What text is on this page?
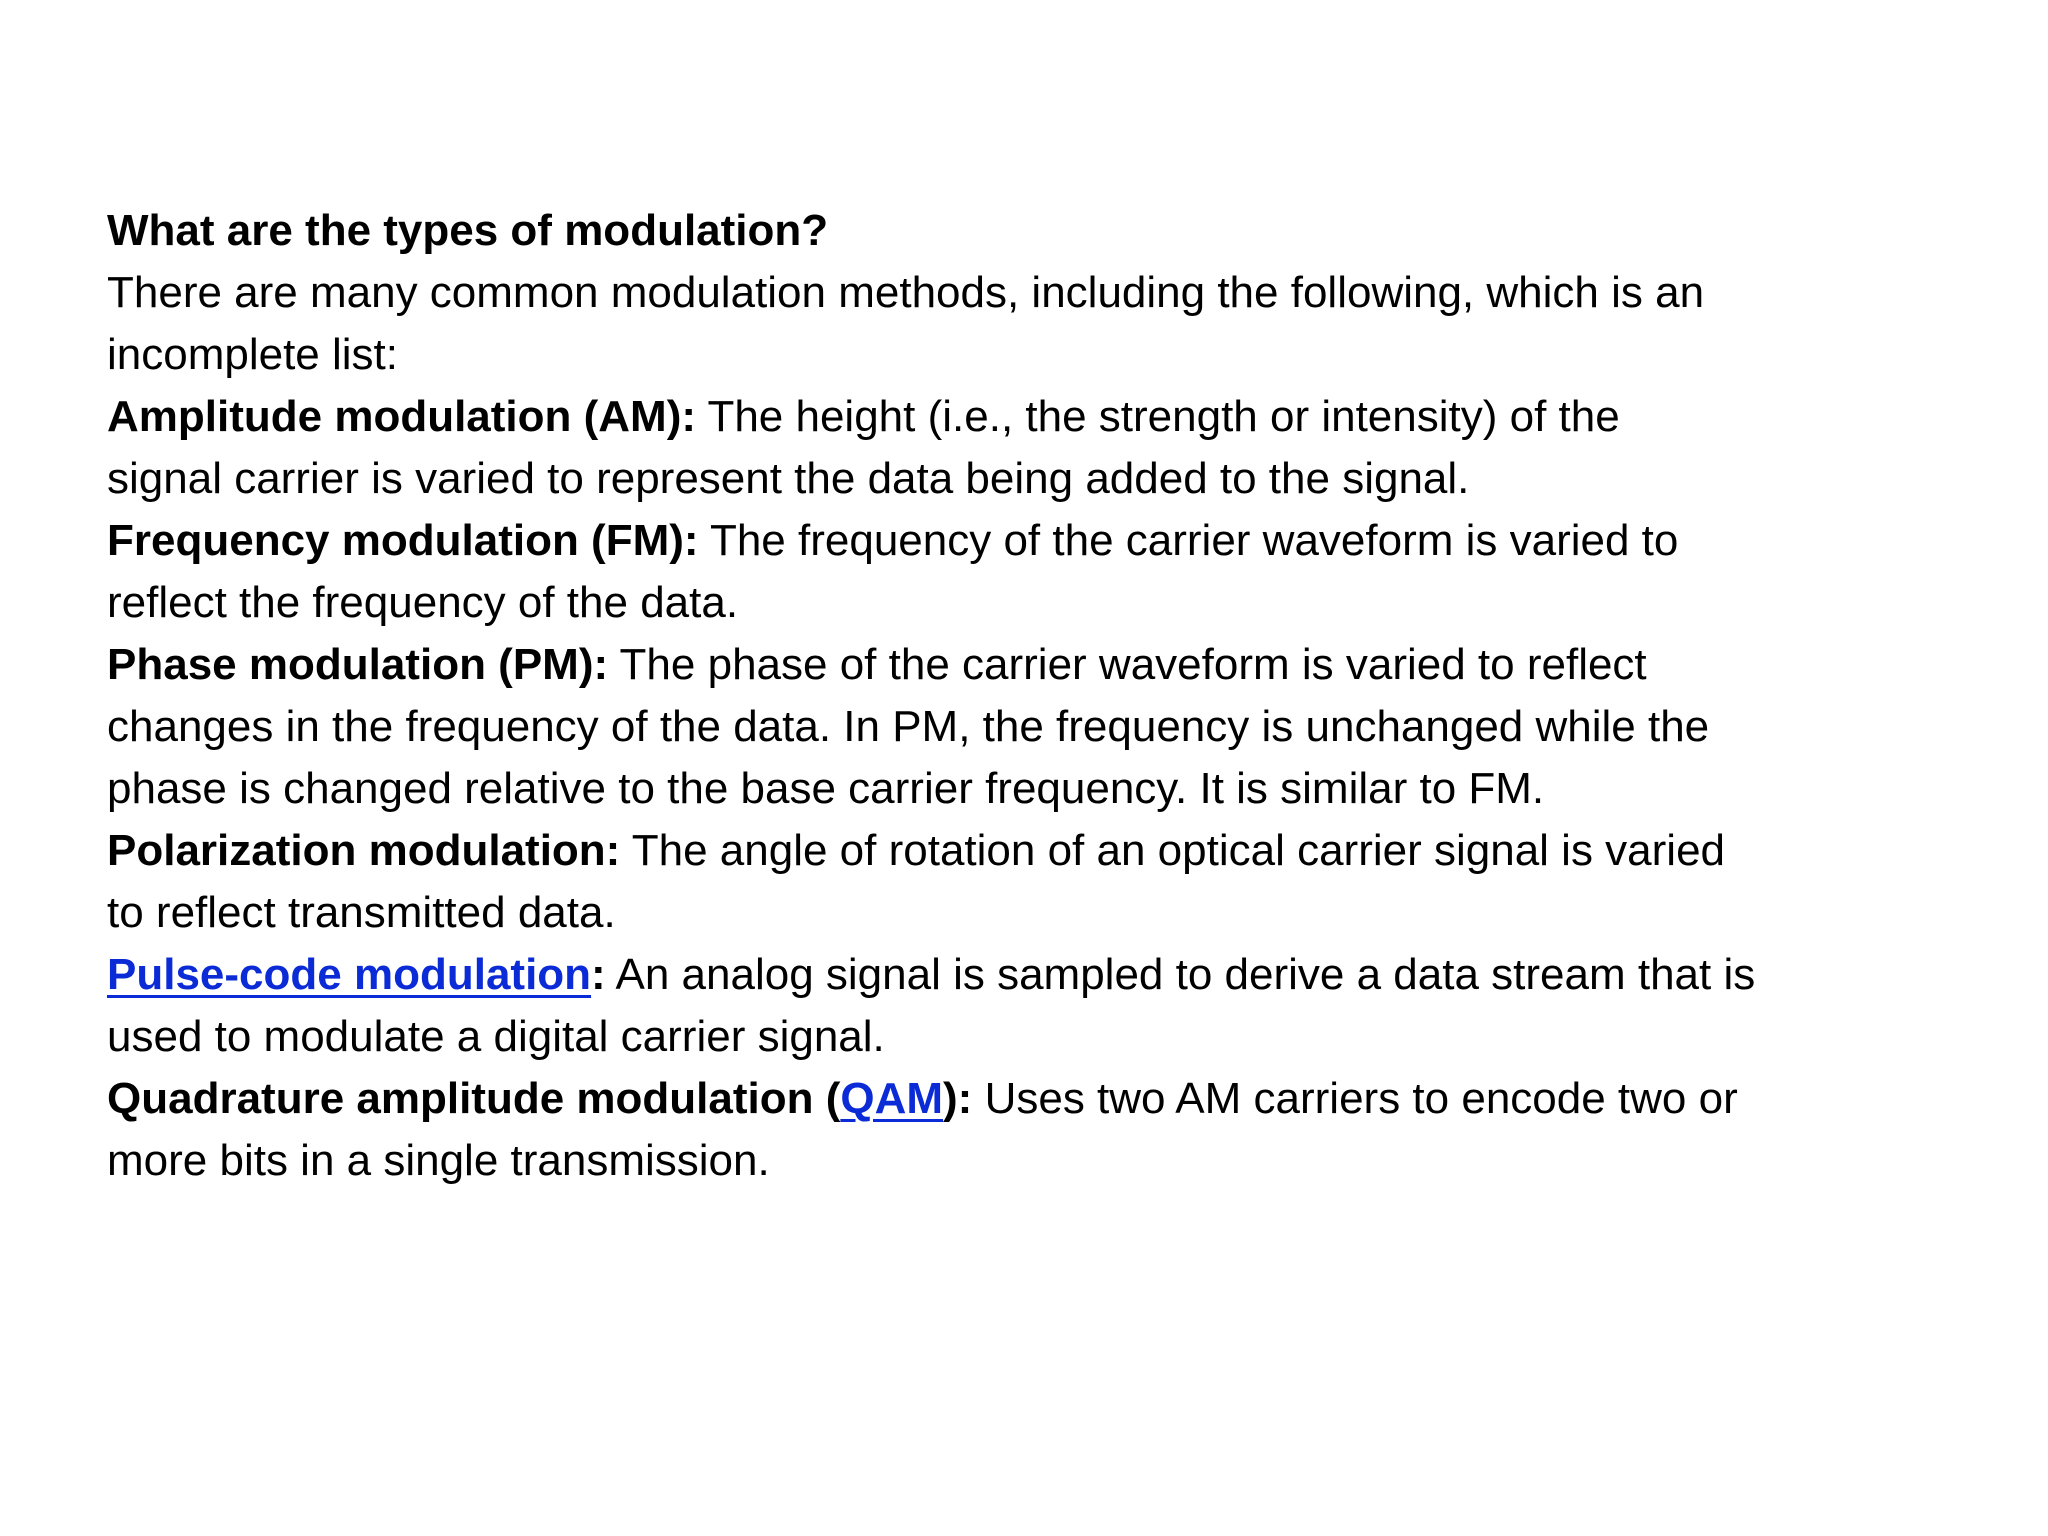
What are the types of modulation?
There are many common modulation methods, including the following, which is an
incomplete list:
Amplitude modulation (AM): The height (i.e., the strength or intensity) of the
signal carrier is varied to represent the data being added to the signal.
Frequency modulation (FM): The frequency of the carrier waveform is varied to
reflect the frequency of the data.
Phase modulation (PM): The phase of the carrier waveform is varied to reflect
changes in the frequency of the data. In PM, the frequency is unchanged while the
phase is changed relative to the base carrier frequency. It is similar to FM.
Polarization modulation: The angle of rotation of an optical carrier signal is varied
to reflect transmitted data.
Pulse-code modulation: An analog signal is sampled to derive a data stream that is
used to modulate a digital carrier signal.
Quadrature amplitude modulation (QAM): Uses two AM carriers to encode two or
more bits in a single transmission.
